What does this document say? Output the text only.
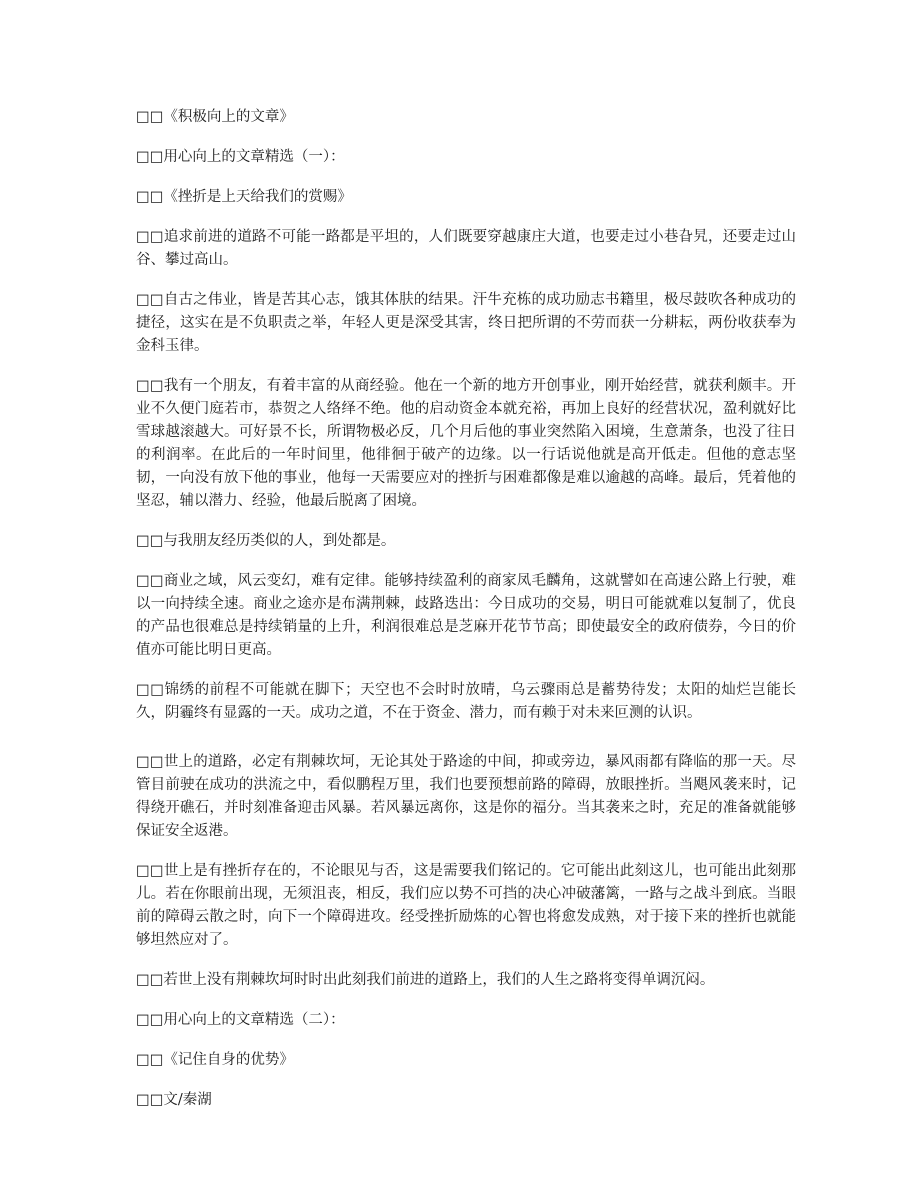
□□《积极向上的文章》

□□用心向上的文章精选（一）：

□□《挫折是上天给我们的赏赐》

□□追求前进的道路不可能一路都是平坦的，人们既要穿越康庄大道，也要走过小巷旮旯，还要走过山谷、攀过高山。

□□自古之伟业，皆是苦其心志，饿其体肤的结果。汗牛充栋的成功励志书籍里，极尽鼓吹各种成功的捷径，这实在是不负职责之举，年轻人更是深受其害，终日把所谓的不劳而获一分耕耘，两份收获奉为金科玉律。

□□我有一个朋友，有着丰富的从商经验。他在一个新的地方开创事业，刚开始经营，就获利颇丰。开业不久便门庭若市，恭贺之人络绎不绝。他的启动资金本就充裕，再加上良好的经营状况，盈利就好比雪球越滚越大。可好景不长，所谓物极必反，几个月后他的事业突然陷入困境，生意萧条，也没了往日的利润率。在此后的一年时间里，他徘徊于破产的边缘。以一行话说他就是高开低走。但他的意志坚韧，一向没有放下他的事业，他每一天需要应对的挫折与困难都像是难以逾越的高峰。最后，凭着他的坚忍，辅以潜力、经验，他最后脱离了困境。

□□与我朋友经历类似的人，到处都是。

□□商业之域，风云变幻，难有定律。能够持续盈利的商家凤毛麟角，这就譬如在高速公路上行驶，难以一向持续全速。商业之途亦是布满荆棘，歧路迭出：今日成功的交易，明日可能就难以复制了，优良的产品也很难总是持续销量的上升，利润很难总是芝麻开花节节高；即使最安全的政府债券，今日的价值亦可能比明日更高。

□□锦绣的前程不可能就在脚下；天空也不会时时放晴，乌云骤雨总是蓄势待发；太阳的灿烂岂能长久，阴霾终有显露的一天。成功之道，不在于资金、潜力，而有赖于对未来叵测的认识。

□□世上的道路，必定有荆棘坎坷，无论其处于路途的中间，抑或旁边，暴风雨都有降临的那一天。尽管目前驶在成功的洪流之中，看似鹏程万里，我们也要预想前路的障碍，放眼挫折。当飓风袭来时，记得绕开礁石，并时刻准备迎击风暴。若风暴远离你，这是你的福分。当其袭来之时，充足的准备就能够保证安全返港。

□□世上是有挫折存在的，不论眼见与否，这是需要我们铭记的。它可能出此刻这儿，也可能出此刻那儿。若在你眼前出现，无须沮丧，相反，我们应以势不可挡的决心冲破藩篱，一路与之战斗到底。当眼前的障碍云散之时，向下一个障碍进攻。经受挫折励炼的心智也将愈发成熟，对于接下来的挫折也就能够坦然应对了。

□□若世上没有荆棘坎坷时时出此刻我们前进的道路上，我们的人生之路将变得单调沉闷。

□□用心向上的文章精选（二）：

□□《记住自身的优势》

□□文/秦湖
